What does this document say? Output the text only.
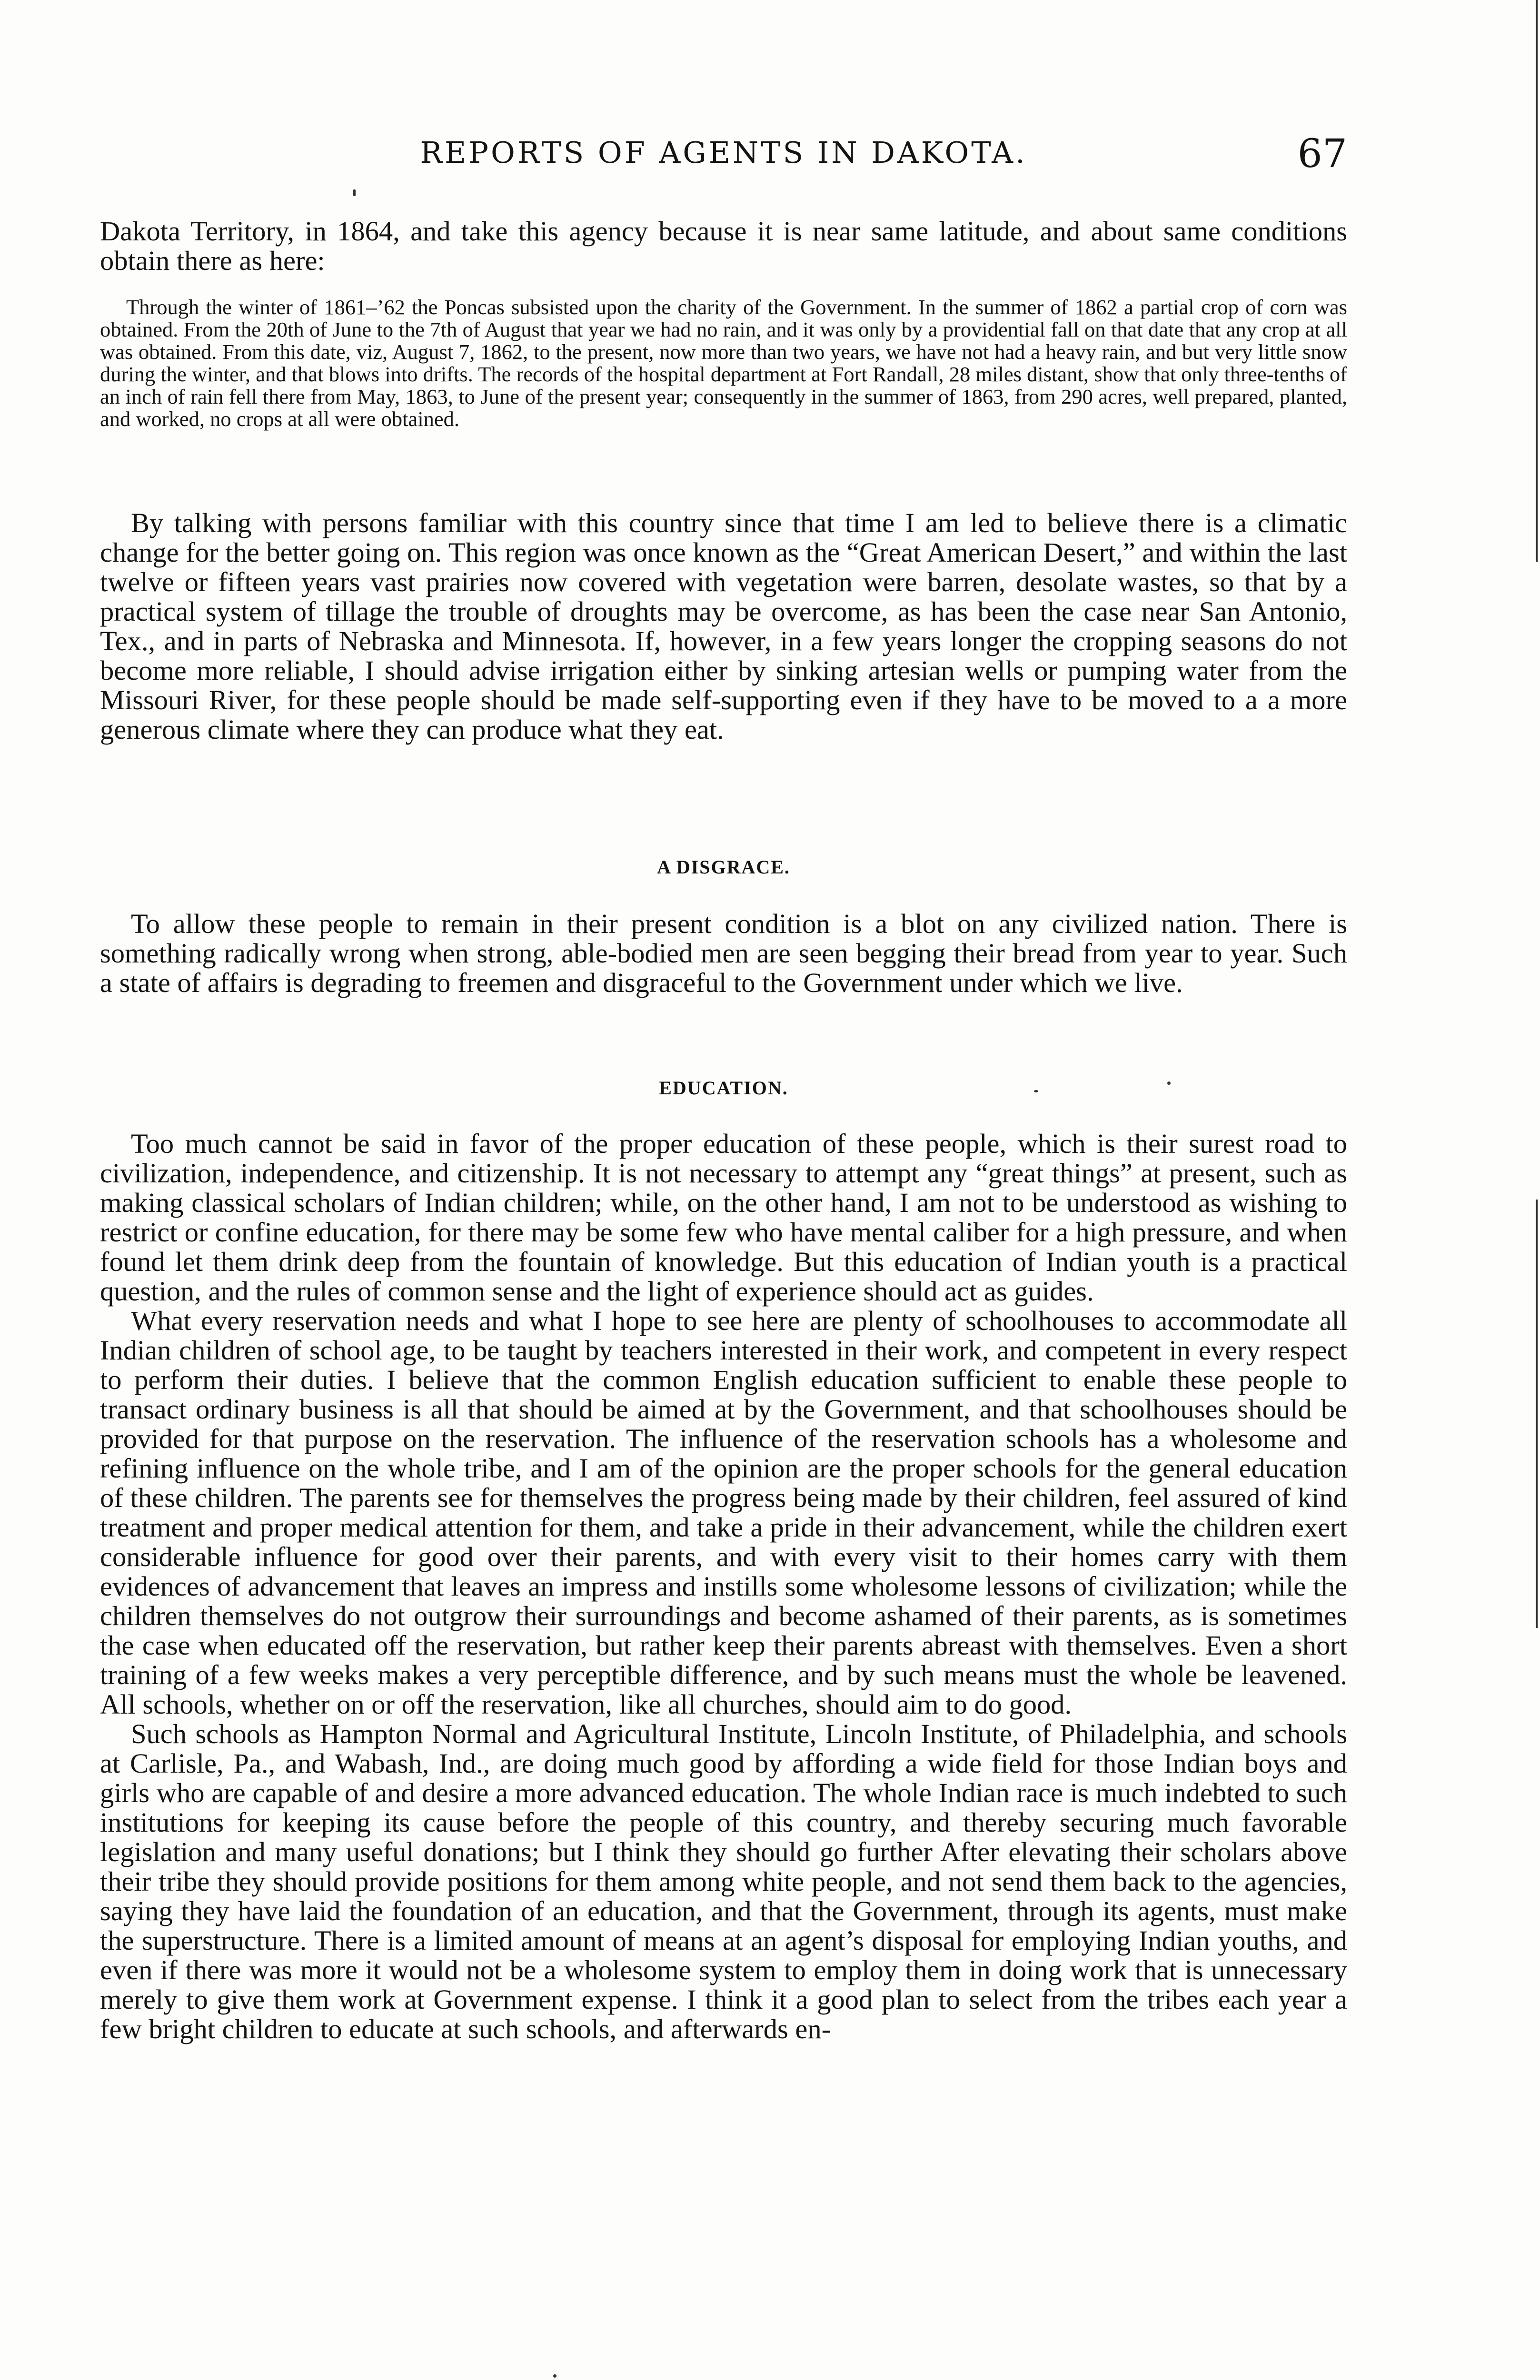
REPORTS OF AGENTS IN DAKOTA.	67

Dakota Territory, in 1864, and take this agency because it is near same latitude, and about same conditions obtain there as here:

Through the winter of 1861–’62 the Poncas subsisted upon the charity of the Government. In the summer of 1862 a partial crop of corn was obtained. From the 20th of June to the 7th of August that year we had no rain, and it was only by a providential fall on that date that any crop at all was obtained. From this date, viz, August 7, 1862, to the present, now more than two years, we have not had a heavy rain, and but very little snow during the winter, and that blows into drifts. The records of the hospital department at Fort Randall, 28 miles distant, show that only three-tenths of an inch of rain fell there from May, 1863, to June of the present year; consequently in the summer of 1863, from 290 acres, well prepared, planted, and worked, no crops at all were obtained.

By talking with persons familiar with this country since that time I am led to believe there is a climatic change for the better going on. This region was once known as the “Great American Desert,” and within the last twelve or fifteen years vast prairies now covered with vegetation were barren, desolate wastes, so that by a practical system of tillage the trouble of droughts may be overcome, as has been the case near San Antonio, Tex., and in parts of Nebraska and Minnesota. If, however, in a few years longer the cropping seasons do not become more reliable, I should advise irrigation either by sinking artesian wells or pumping water from the Missouri River, for these people should be made self-supporting even if they have to be moved to a a more generous climate where they can produce what they eat.

A DISGRACE.

To allow these people to remain in their present condition is a blot on any civilized nation. There is something radically wrong when strong, able-bodied men are seen begging their bread from year to year. Such a state of affairs is degrading to freemen and disgraceful to the Government under which we live.

EDUCATION.

Too much cannot be said in favor of the proper education of these people, which is their surest road to civilization, independence, and citizenship. It is not necessary to attempt any “great things” at present, such as making classical scholars of Indian children; while, on the other hand, I am not to be understood as wishing to restrict or confine education, for there may be some few who have mental caliber for a high pressure, and when found let them drink deep from the fountain of knowledge. But this education of Indian youth is a practical question, and the rules of common sense and the light of experience should act as guides.

What every reservation needs and what I hope to see here are plenty of schoolhouses to accommodate all Indian children of school age, to be taught by teachers interested in their work, and competent in every respect to perform their duties. I believe that the common English education sufficient to enable these people to transact ordinary business is all that should be aimed at by the Government, and that schoolhouses should be provided for that purpose on the reservation. The influence of the reservation schools has a wholesome and refining influence on the whole tribe, and I am of the opinion are the proper schools for the general education of these children. The parents see for themselves the progress being made by their children, feel assured of kind treatment and proper medical attention for them, and take a pride in their advancement, while the children exert considerable influence for good over their parents, and with every visit to their homes carry with them evidences of advancement that leaves an impress and instills some wholesome lessons of civilization; while the children themselves do not outgrow their surroundings and become ashamed of their parents, as is sometimes the case when educated off the reservation, but rather keep their parents abreast with themselves. Even a short training of a few weeks makes a very perceptible difference, and by such means must the whole be leavened. All schools, whether on or off the reservation, like all churches, should aim to do good.

Such schools as Hampton Normal and Agricultural Institute, Lincoln Institute, of Philadelphia, and schools at Carlisle, Pa., and Wabash, Ind., are doing much good by affording a wide field for those Indian boys and girls who are capable of and desire a more advanced education. The whole Indian race is much indebted to such institutions for keeping its cause before the people of this country, and thereby securing much favorable legislation and many useful donations; but I think they should go further After elevating their scholars above their tribe they should provide positions for them among white people, and not send them back to the agencies, saying they have laid the foundation of an education, and that the Government, through its agents, must make the superstructure. There is a limited amount of means at an agent’s disposal for employing Indian youths, and even if there was more it would not be a wholesome system to employ them in doing work that is unnecessary merely to give them work at Government expense. I think it a good plan to select from the tribes each year a few bright children to educate at such schools, and afterwards en-
